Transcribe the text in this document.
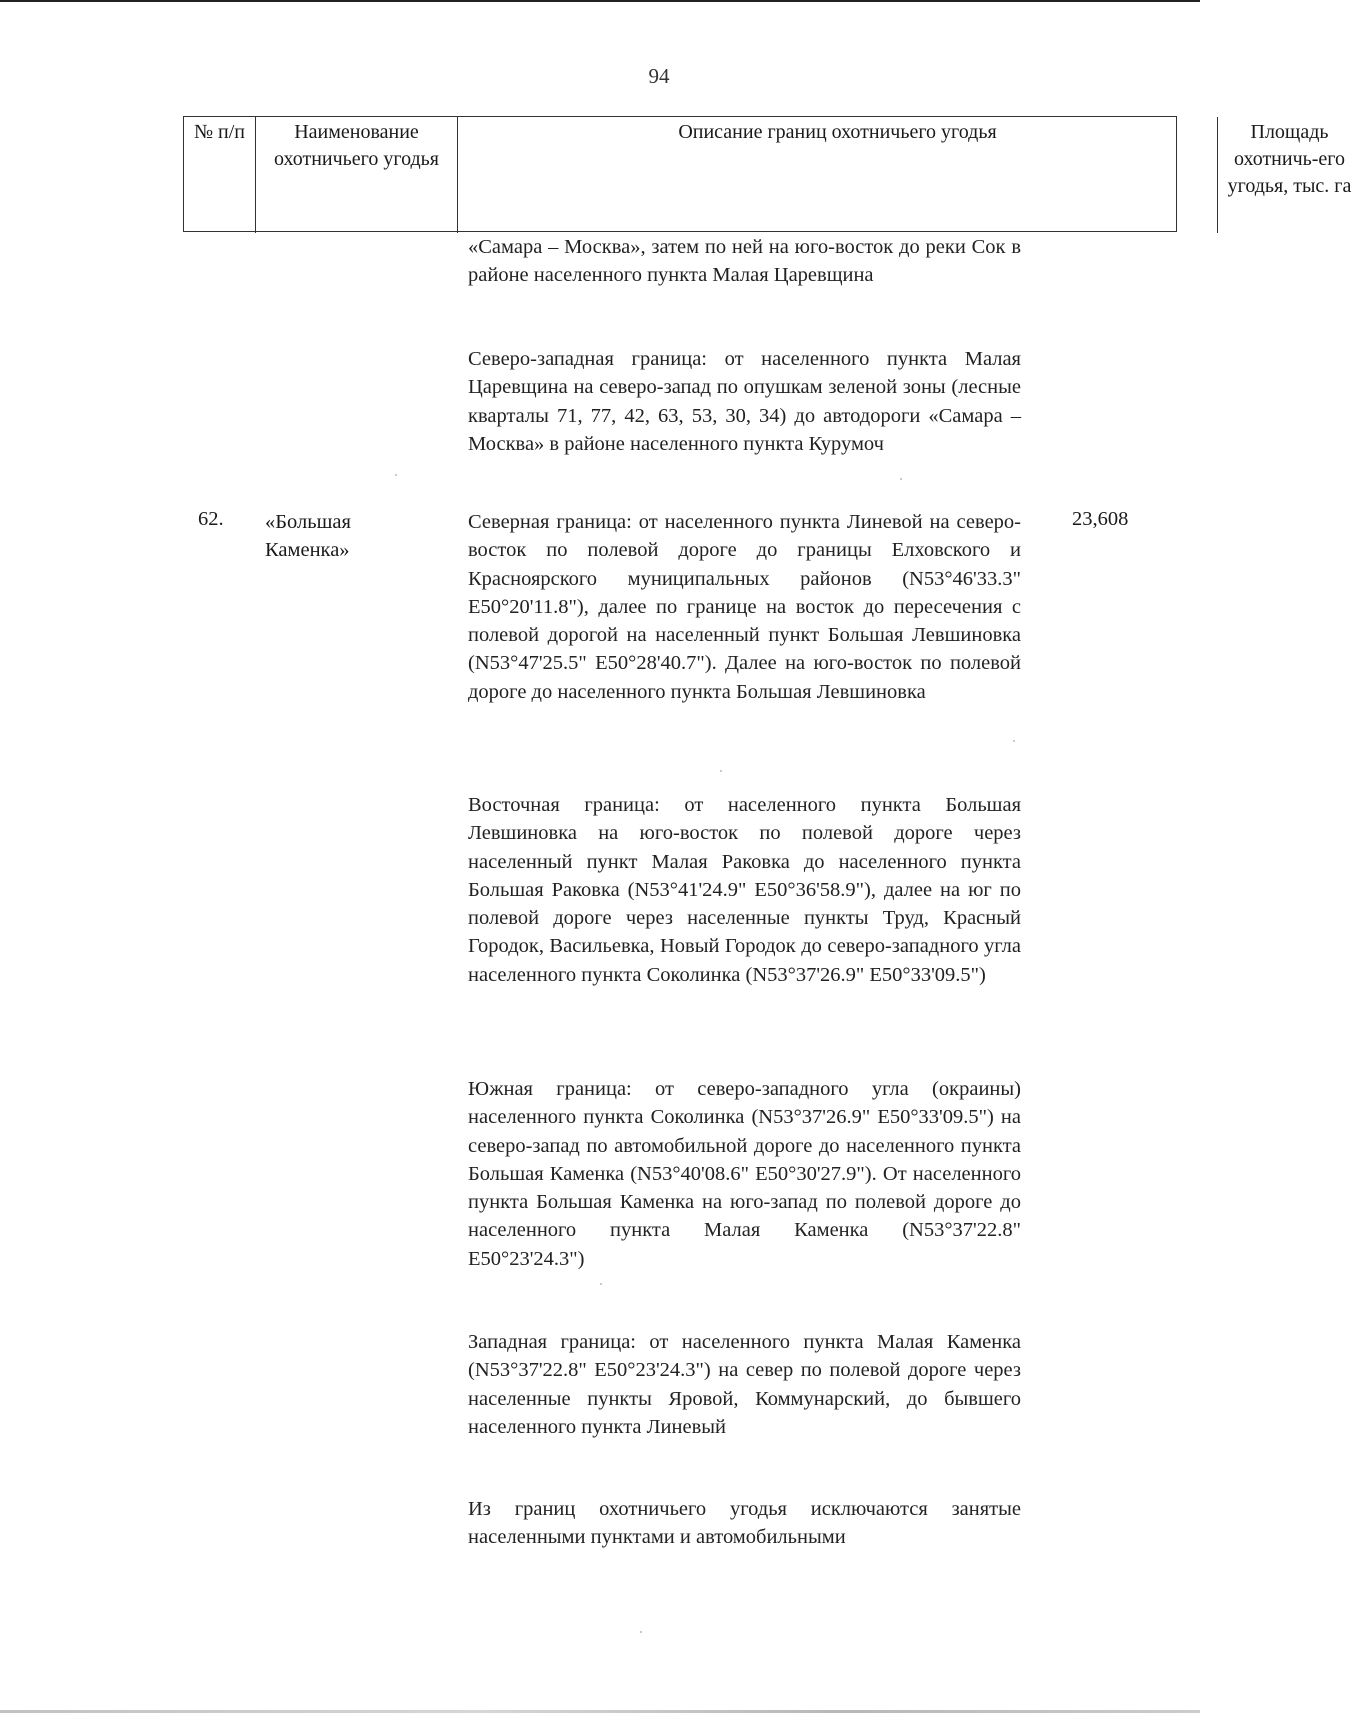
94
№ п/п	Наименование охотничьего угодья
Описание границ охотничьего угодья	Площадь охотничь-его угодья, тыс. га
«Самара – Москва», затем по ней на юго-восток до реки Сок в районе населенного пункта Малая Царевщина
Северо-западная граница: от населенного пункта Малая Царевщина на северо-запад по опушкам зеленой зоны (лесные кварталы 71, 77, 42, 63, 53, 30, 34) до автодороги «Самара – Москва» в районе населенного пункта Курумоч
62. «Большая Каменка»
23,608
Северная граница: от населенного пункта Линевой на северо-восток по полевой дороге до границы Елховского и Красноярского муниципальных районов (N53°46'33.3" E50°20'11.8"), далее по границе на восток до пересечения с полевой дорогой на населенный пункт Большая Левшиновка (N53°47'25.5" E50°28'40.7"). Далее на юго-восток по полевой дороге до населенного пункта Большая Левшиновка
Восточная граница: от населенного пункта Большая Левшиновка на юго-восток по полевой дороге через населенный пункт Малая Раковка до населенного пункта Большая Раковка (N53°41'24.9" E50°36'58.9"), далее на юг по полевой дороге через населенные пункты Труд, Красный Городок, Васильевка, Новый Городок до северо-западного угла населенного пункта Соколинка (N53°37'26.9" E50°33'09.5")
Южная граница: от северо-западного угла (окраины) населенного пункта Соколинка (N53°37'26.9" E50°33'09.5") на северо-запад по автомобильной дороге до населенного пункта Большая Каменка (N53°40'08.6" E50°30'27.9"). От населенного пункта Большая Каменка на юго-запад по полевой дороге до населенного пункта Малая Каменка (N53°37'22.8" E50°23'24.3")
Западная граница: от населенного пункта Малая Каменка (N53°37'22.8" E50°23'24.3") на север по полевой дороге через населенные пункты Яровой, Коммунарский, до бывшего населенного пункта Линевый
Из границ охотничьего угодья исключаются занятые населенными пунктами и автомобильными
